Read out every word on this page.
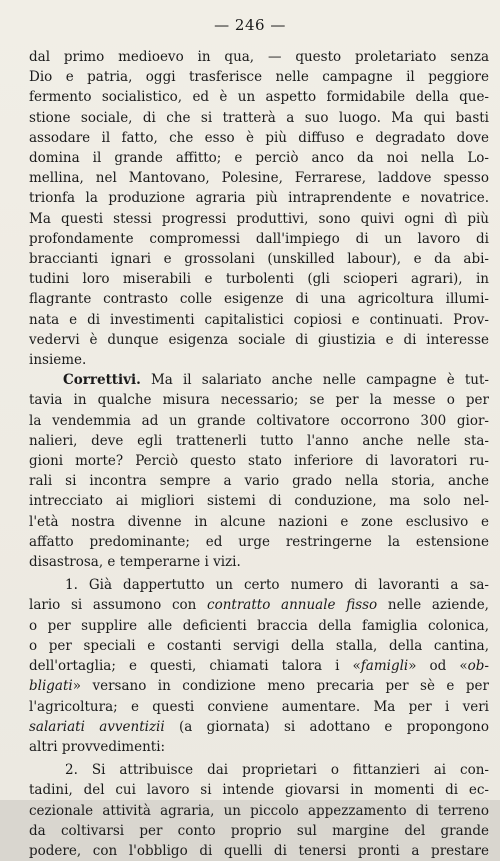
— 246 —
dal primo medioevo in qua, — questo proletariato senza
Dio e patria, oggi trasferisce nelle campagne il peggiore
fermento socialistico, ed è un aspetto formidabile della que-
stione sociale, di che si tratterà a suo luogo. Ma qui basti
assodare il fatto, che esso è più diffuso e degradato dove
domina il grande affitto; e perciò anco da noi nella Lo-
mellina, nel Mantovano, Polesine, Ferrarese, laddove spesso
trionfa la produzione agraria più intraprendente e novatrice.
Ma questi stessi progressi produttivi, sono quivi ogni dì più
profondamente compromessi dall'impiego di un lavoro di
braccianti ignari e grossolani (unskilled labour), e da abi-
tudini loro miserabili e turbolenti (gli scioperi agrari), in
flagrante contrasto colle esigenze di una agricoltura illumi-
nata e di investimenti capitalistici copiosi e continuati. Prov-
vedervi è dunque esigenza sociale di giustizia e di interesse
insieme.
Correttivi. Ma il salariato anche nelle campagne è tut-
tavia in qualche misura necessario; se per la messe o per
la vendemmia ad un grande coltivatore occorrono 300 gior-
nalieri, deve egli trattenerli tutto l'anno anche nelle sta-
gioni morte? Perciò questo stato inferiore di lavoratori ru-
rali si incontra sempre a vario grado nella storia, anche
intrecciato ai migliori sistemi di conduzione, ma solo nel-
l'età nostra divenne in alcune nazioni e zone esclusivo e
affatto predominante; ed urge restringerne la estensione
disastrosa, e temperarne i vizi.
1. Già dappertutto un certo numero di lavoranti a sa-
lario si assumono con contratto annuale fisso nelle aziende,
o per supplire alle deficienti braccia della famiglia colonica,
o per speciali e costanti servigi della stalla, della cantina,
dell'ortaglia; e questi, chiamati talora i «famigli» od «ob-
bligati» versano in condizione meno precaria per sè e per
l'agricoltura; e questi conviene aumentare. Ma per i veri
salariati avventizii (a giornata) si adottano e propongono
altri provvedimenti:
2. Si attribuisce dai proprietari o fittanzieri ai con-
tadini, del cui lavoro si intende giovarsi in momenti di ec-
cezionale attività agraria, un piccolo appezzamento di terreno
da coltivarsi per conto proprio sul margine del grande
podere, con l'obbligo di quelli di tenersi pronti a prestare
